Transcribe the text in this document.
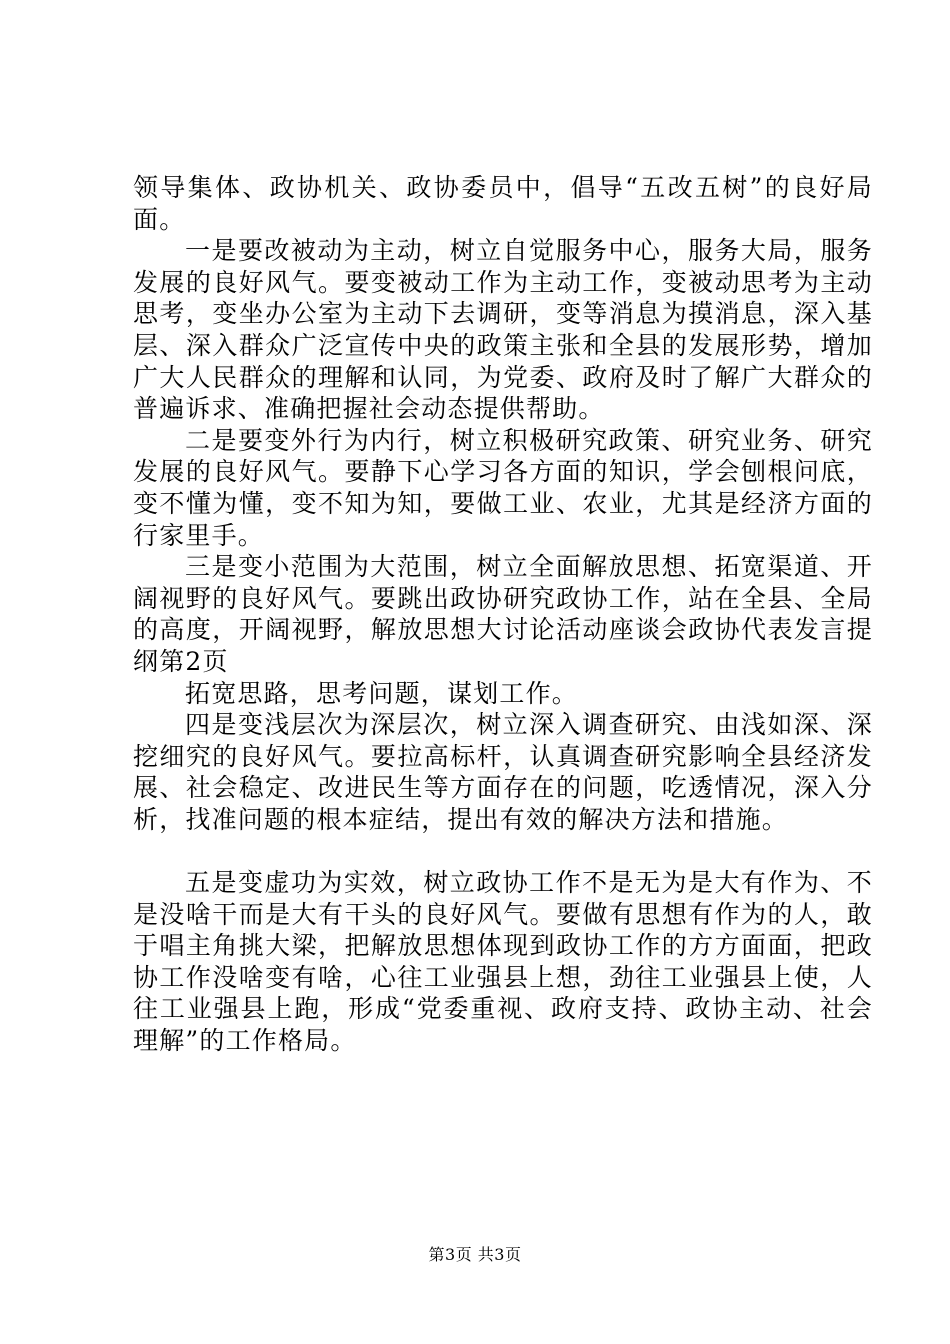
领导集体、政协机关、政协委员中，倡导“五改五树”的良好局面。

一是要改被动为主动，树立自觉服务中心，服务大局，服务发展的良好风气。要变被动工作为主动工作，变被动思考为主动思考，变坐办公室为主动下去调研，变等消息为摸消息，深入基层、深入群众广泛宣传中央的政策主张和全县的发展形势，增加广大人民群众的理解和认同，为党委、政府及时了解广大群众的普遍诉求、准确把握社会动态提供帮助。

二是要变外行为内行，树立积极研究政策、研究业务、研究发展的良好风气。要静下心学习各方面的知识，学会刨根问底，变不懂为懂，变不知为知，要做工业、农业，尤其是经济方面的行家里手。

三是变小范围为大范围，树立全面解放思想、拓宽渠道、开阔视野的良好风气。要跳出政协研究政协工作，站在全县、全局的高度，开阔视野，解放思想大讨论活动座谈会政协代表发言提纲第2页

拓宽思路，思考问题，谋划工作。

四是变浅层次为深层次，树立深入调查研究、由浅如深、深挖细究的良好风气。要拉高标杆，认真调查研究影响全县经济发展、社会稳定、改进民生等方面存在的问题，吃透情况，深入分析，找准问题的根本症结，提出有效的解决方法和措施。

五是变虚功为实效，树立政协工作不是无为是大有作为、不是没啥干而是大有干头的良好风气。要做有思想有作为的人，敢于唱主角挑大梁，把解放思想体现到政协工作的方方面面，把政协工作没啥变有啥，心往工业强县上想，劲往工业强县上使，人往工业强县上跑，形成“党委重视、政府支持、政协主动、社会理解”的工作格局。

第3页 共3页
